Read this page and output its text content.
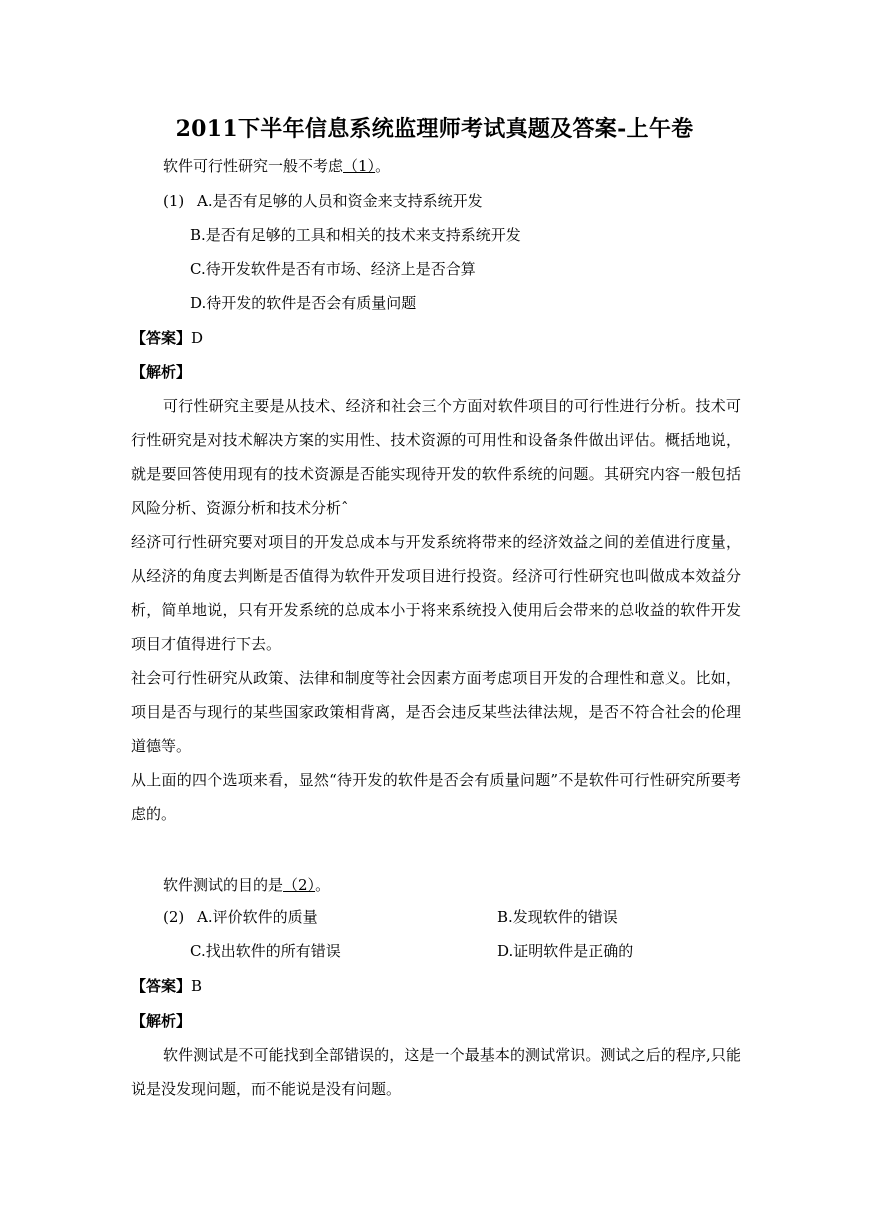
2011下半年信息系统监理师考试真题及答案-上午卷
软件可行性研究一般不考虑（1）。
(1) A.是否有足够的人员和资金来支持系统开发
B.是否有足够的工具和相关的技术来支持系统开发
C.待开发软件是否有市场、经济上是否合算
D.待开发的软件是否会有质量问题
【答案】D
【解析】
可行性研究主要是从技术、经济和社会三个方面对软件项目的可行性进行分析。技术可行性研究是对技术解决方案的实用性、技术资源的可用性和设备条件做出评估。概括地说，就是要回答使用现有的技术资源是否能实现待开发的软件系统的问题。其研究内容一般包括风险分析、资源分析和技术分析ˆ
经济可行性研究要对项目的开发总成本与开发系统将带来的经济效益之间的差值进行度量，从经济的角度去判断是否值得为软件开发项目进行投资。经济可行性研究也叫做成本效益分析，简单地说，只有开发系统的总成本小于将来系统投入使用后会带来的总收益的软件开发项目才值得进行下去。
社会可行性研究从政策、法律和制度等社会因素方面考虑项目开发的合理性和意义。比如，项目是否与现行的某些国家政策相背离，是否会违反某些法律法规，是否不符合社会的伦理道德等。
从上面的四个选项来看，显然“待开发的软件是否会有质量问题”不是软件可行性研究所要考虑的。
软件测试的目的是（2）。
(2) A.评价软件的质量	B.发现软件的错误
C.找出软件的所有错误	D.证明软件是正确的
【答案】B
【解析】
软件测试是不可能找到全部错误的，这是一个最基本的测试常识。测试之后的程序,只能说是没发现问题，而不能说是没有问题。
